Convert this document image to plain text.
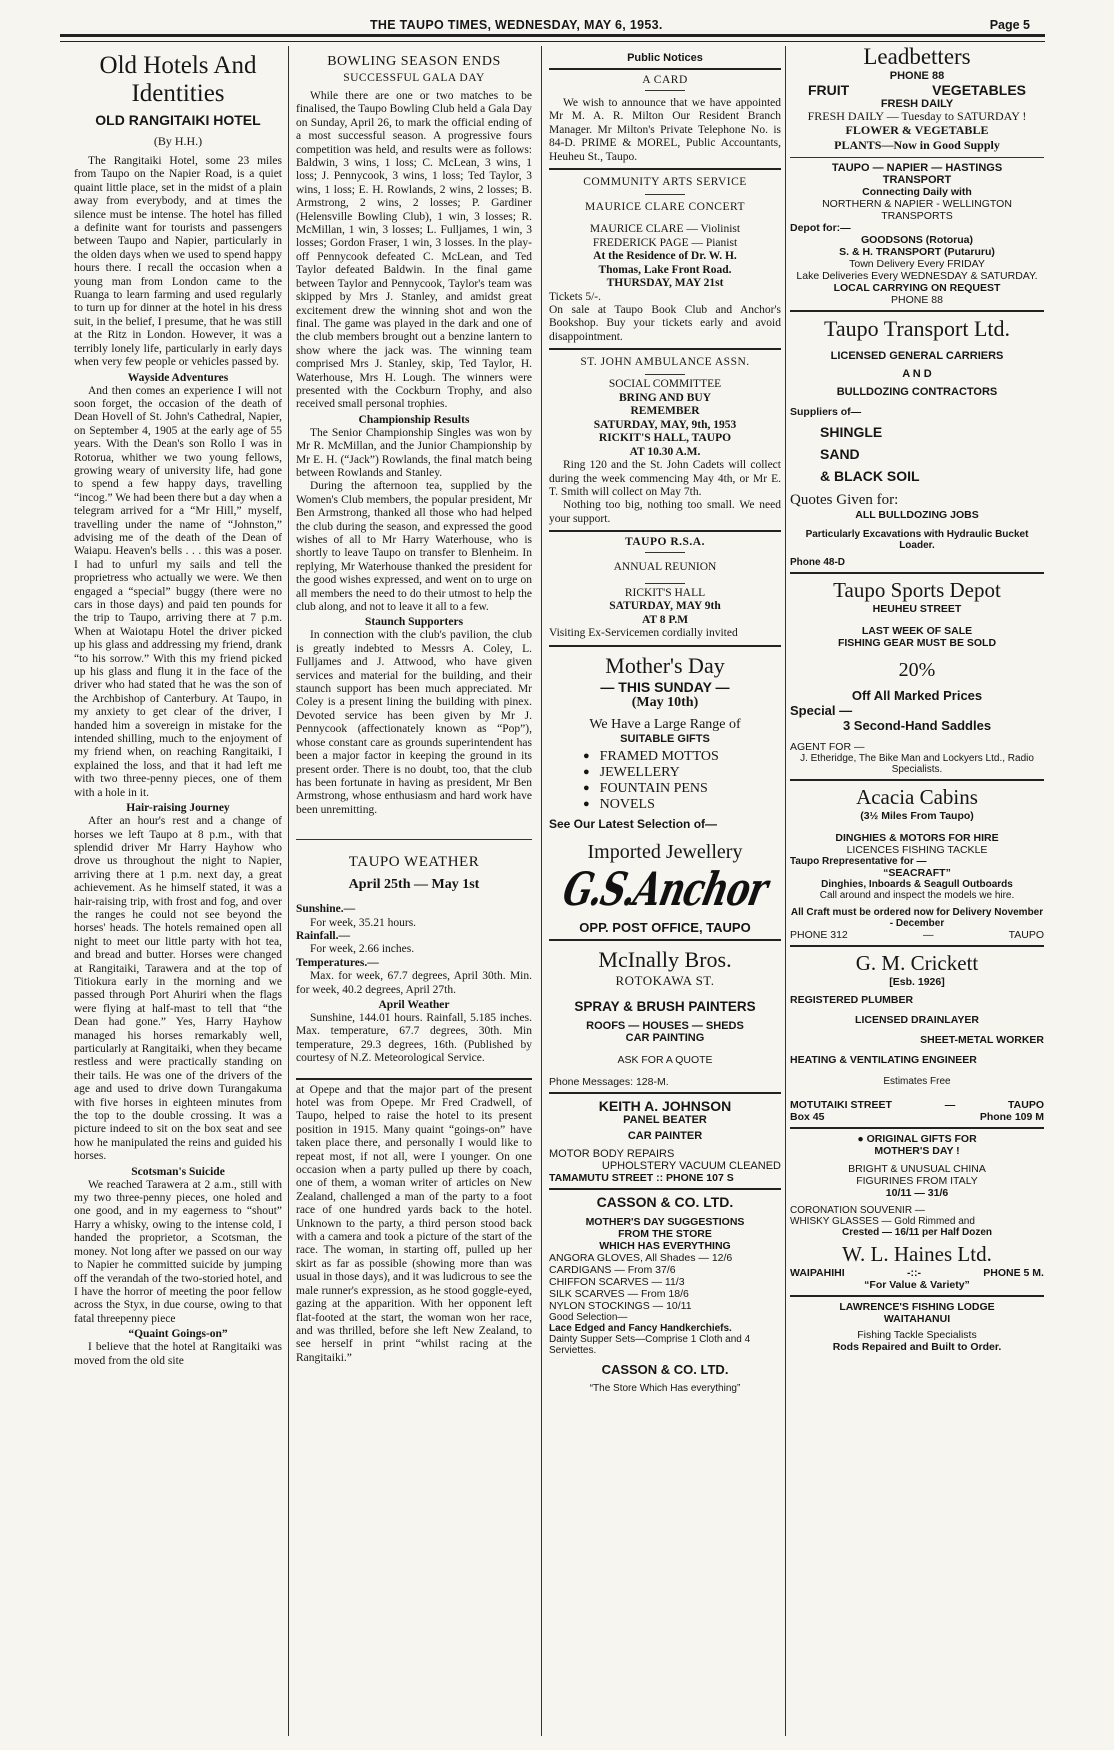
THE TAUPO TIMES, WEDNESDAY, MAY 6, 1953.	Page 5
Old Hotels And
Identities
OLD RANGITAIKI HOTEL
(By H.H.)

The Rangitaiki Hotel, some 23 miles from Taupo on the Napier Road, is a quiet quaint little place, set in the midst of a plain away from everybody, and at times the silence must be intense. The hotel has filled a definite want for tourists and passengers between Taupo and Napier, particularly in the olden days when we used to spend happy hours there. I recall the occasion when a young man from London came to the Ruanga to learn farming and used regularly to turn up for dinner at the hotel in his dress suit, in the belief, I presume, that he was still at the Ritz in London. However, it was a terribly lonely life, particularly in early days when very few people or vehicles passed by.

Wayside Adventures

And then comes an experience I will not soon forget, the occasion of the death of Dean Hovell of St. John's Cathedral, Napier, on September 4, 1905 at the early age of 55 years. With the Dean's son Rollo I was in Rotorua, whither we two young fellows, growing weary of university life, had gone to spend a few happy days, travelling “incog.” We had been there but a day when a telegram arrived for a “Mr Hill,” myself, travelling under the name of “Johnston,” advising me of the death of the Dean of Waiapu. Heaven's bells . . . this was a poser. I had to unfurl my sails and tell the proprietress who actually we were. We then engaged a “special” buggy (there were no cars in those days) and paid ten pounds for the trip to Taupo, arriving there at 7 p.m. When at Waiotapu Hotel the driver picked up his glass and addressing my friend, drank “to his sorrow.” With this my friend picked up his glass and flung it in the face of the driver who had stated that he was the son of the Archbishop of Canterbury. At Taupo, in my anxiety to get clear of the driver, I handed him a sovereign in mistake for the intended shilling, much to the enjoyment of my friend when, on reaching Rangitaiki, I explained the loss, and that it had left me with two three-penny pieces, one of them with a hole in it.

Hair-raising Journey

After an hour's rest and a change of horses we left Taupo at 8 p.m., with that splendid driver Mr Harry Hayhow who drove us throughout the night to Napier, arriving there at 1 p.m. next day, a great achievement. As he himself stated, it was a hair-raising trip, with frost and fog, and over the ranges he could not see beyond the horses' heads. The hotels remained open all night to meet our little party with hot tea, and bread and butter. Horses were changed at Rangitaiki, Tarawera and at the top of Titiokura early in the morning and we passed through Port Ahuriri when the flags were flying at half-mast to tell that “the Dean had gone.” Yes, Harry Hayhow managed his horses remarkably well, particularly at Rangitaiki, when they became restless and were practically standing on their tails. He was one of the drivers of the age and used to drive down Turangakuma with five horses in eighteen minutes from the top to the double crossing. It was a picture indeed to sit on the box seat and see how he manipulated the reins and guided his horses.

Scotsman's Suicide

We reached Tarawera at 2 a.m., still with my two three-penny pieces, one holed and one good, and in my eagerness to “shout” Harry a whisky, owing to the intense cold, I handed the proprietor, a Scotsman, the money. Not long after we passed on our way to Napier he committed suicide by jumping off the verandah of the two-storied hotel, and I have the horror of meeting the poor fellow across the Styx, in due course, owing to that fatal threepenny piece

“Quaint Goings-on”

I believe that the hotel at Rangitaiki was moved from the old site

BOWLING SEASON ENDS
SUCCESSFUL GALA DAY

While there are one or two matches to be finalised, the Taupo Bowling Club held a Gala Day on Sunday, April 26, to mark the official ending of a most successful season. A progressive fours competition was held, and results were as follows: Baldwin, 3 wins, 1 loss; C. McLean, 3 wins, 1 loss; J. Pennycook, 3 wins, 1 loss; Ted Taylor, 3 wins, 1 loss; E. H. Rowlands, 2 wins, 2 losses; B. Armstrong, 2 wins, 2 losses; P. Gardiner (Helensville Bowling Club), 1 win, 3 losses; R. McMillan, 1 win, 3 losses; L. Fulljames, 1 win, 3 losses; Gordon Fraser, 1 win, 3 losses. In the play-off Pennycook defeated C. McLean, and Ted Taylor defeated Baldwin. In the final game between Taylor and Pennycook, Taylor's team was skipped by Mrs J. Stanley, and amidst great excitement drew the winning shot and won the final. The game was played in the dark and one of the club members brought out a benzine lantern to show where the jack was. The winning team comprised Mrs J. Stanley, skip, Ted Taylor, H. Waterhouse, Mrs H. Lough. The winners were presented with the Cockburn Trophy, and also received small personal trophies.

Championship Results

The Senior Championship Singles was won by Mr R. McMillan, and the Junior Championship by Mr E. H. (“Jack”) Rowlands, the final match being between Rowlands and Stanley.

During the afternoon tea, supplied by the Women's Club members, the popular president, Mr Ben Armstrong, thanked all those who had helped the club during the season, and expressed the good wishes of all to Mr Harry Waterhouse, who is shortly to leave Taupo on transfer to Blenheim. In replying, Mr Waterhouse thanked the president for the good wishes expressed, and went on to urge on all members the need to do their utmost to help the club along, and not to leave it all to a few.

Staunch Supporters

In connection with the club's pavilion, the club is greatly indebted to Messrs A. Coley, L. Fulljames and J. Attwood, who have given services and material for the building, and their staunch support has been much appreciated. Mr Coley is a present lining the building with pinex. Devoted service has been given by Mr J. Pennycook (affectionately known as “Pop”), whose constant care as grounds superintendent has been a major factor in keeping the ground in its present order. There is no doubt, too, that the club has been fortunate in having as president, Mr Ben Armstrong, whose enthusiasm and hard work have been unremitting.

TAUPO WEATHER
April 25th — May 1st

Sunshine.—

For week, 35.21 hours.

Rainfall.—

For week, 2.66 inches.

Temperatures.—

Max. for week, 67.7 degrees, April 30th. Min. for week, 40.2 degrees, April 27th.

April Weather

Sunshine, 144.01 hours. Rainfall, 5.185 inches. Max. temperature, 67.7 degrees, 30th. Min temperature, 29.3 degrees, 16th. (Published by courtesy of N.Z. Meteorological Service.

at Opepe and that the major part of the present hotel was from Opepe. Mr Fred Cradwell, of Taupo, helped to raise the hotel to its present position in 1915. Many quaint “goings-on” have taken place there, and personally I would like to repeat most, if not all, were I younger. On one occasion when a party pulled up there by coach, one of them, a woman writer of articles on New Zealand, challenged a man of the party to a foot race of one hundred yards back to the hotel. Unknown to the party, a third person stood back with a camera and took a picture of the start of the race. The woman, in starting off, pulled up her skirt as far as possible (showing more than was usual in those days), and it was ludicrous to see the male runner's expression, as he stood goggle-eyed, gazing at the apparition. With her opponent left flat-footed at the start, the woman won her race, and was thrilled, before she left New Zealand, to see herself in print “whilst racing at the Rangitaiki.”

Public Notices
A CARD

We wish to announce that we have appointed Mr M. A. R. Milton Our Resident Branch Manager. Mr Milton's Private Telephone No. is 84-D. PRIME & MOREL, Public Accountants, Heuheu St., Taupo.

COMMUNITY ARTS SERVICE
MAURICE CLARE CONCERT

MAURICE CLARE — Violinist

FREDERICK PAGE — Pianist

At the Residence of Dr. W. H.

Thomas, Lake Front Road.

THURSDAY, MAY 21st

Tickets 5/-.

On sale at Taupo Book Club and Anchor's Bookshop. Buy your tickets early and avoid disappointment.

ST. JOHN AMBULANCE ASSN.

SOCIAL COMMITTEE

BRING AND BUY

REMEMBER

SATURDAY, MAY, 9th, 1953

RICKIT'S HALL, TAUPO

AT 10.30 A.M.

Ring 120 and the St. John Cadets will collect during the week commencing May 4th, or Mr E. T. Smith will collect on May 7th.

Nothing too big, nothing too small. We need your support.

TAUPO R.S.A.

ANNUAL REUNION

RICKIT'S HALL

SATURDAY, MAY 9th

AT 8 P.M

Visiting Ex-Servicemen cordially invited

Mother's Day
— THIS SUNDAY —
(May 10th)
We Have a Large Range of
SUITABLE GIFTS
● FRAMED MOTTOS
● JEWELLERY
● FOUNTAIN PENS
● NOVELS
See Our Latest Selection of—
Imported Jewellery
G.S.Anchor
OPP. POST OFFICE, TAUPO
McInally Bros.
ROTOKAWA ST.
SPRAY & BRUSH PAINTERS
ROOFS — HOUSES — SHEDS
CAR PAINTING
ASK FOR A QUOTE
Phone Messages: 128-M.
KEITH A. JOHNSON
PANEL BEATER
CAR PAINTER
MOTOR BODY REPAIRS
UPHOLSTERY VACUUM CLEANED
TAMAMUTU STREET :: PHONE 107 S
CASSON & CO. LTD.
MOTHER'S DAY SUGGESTIONS
FROM THE STORE
WHICH HAS EVERYTHING
ANGORA GLOVES, All Shades — 12/6
CARDIGANS — From 37/6
CHIFFON SCARVES — 11/3
SILK SCARVES — From 18/6
NYLON STOCKINGS — 10/11
Good Selection—
Lace Edged and Fancy Handkerchiefs.
Dainty Supper Sets—Comprise 1 Cloth and 4 Serviettes.
CASSON & CO. LTD.
“The Store Which Has everything”
Leadbetters
PHONE 88
FRUIT	VEGETABLES
FRESH DAILY
FRESH DAILY — Tuesday to SATURDAY !
FLOWER & VEGETABLE
PLANTS—Now in Good Supply
TAUPO — NAPIER — HASTINGS
TRANSPORT
Connecting Daily with
NORTHERN & NAPIER - WELLINGTON TRANSPORTS
Depot for:—
GOODSONS (Rotorua)
S. & H. TRANSPORT (Putaruru)
Town Delivery Every FRIDAY
Lake Deliveries Every WEDNESDAY & SATURDAY.
LOCAL CARRYING ON REQUEST
PHONE 88
Taupo Transport Ltd.
LICENSED GENERAL CARRIERS
A N D
BULLDOZING CONTRACTORS
Suppliers of—
SHINGLE
SAND
& BLACK SOIL
Quotes Given for:
ALL BULLDOZING JOBS
Particularly Excavations with Hydraulic Bucket Loader.
Phone 48-D
Taupo Sports Depot
HEUHEU STREET
LAST WEEK OF SALE
FISHING GEAR MUST BE SOLD
20%
Off All Marked Prices
Special —
3 Second-Hand Saddles
AGENT FOR —
J. Etheridge, The Bike Man and Lockyers Ltd., Radio Specialists.
Acacia Cabins
(3½ Miles From Taupo)
DINGHIES & MOTORS FOR HIRE
LICENCES FISHING TACKLE
Taupo Rrepresentative for —
“SEACRAFT”
Dinghies, Inboards & Seagull Outboards
Call around and inspect the models we hire.
All Craft must be ordered now for Delivery November - December
PHONE 312	—	TAUPO
G. M. Crickett
[Esb. 1926]
REGISTERED PLUMBER
LICENSED DRAINLAYER
SHEET-METAL WORKER
HEATING & VENTILATING ENGINEER
Estimates Free
MOTUTAIKI STREET	—	TAUPO
Box 45	Phone 109 M
● ORIGINAL GIFTS FOR
MOTHER'S DAY !
BRIGHT & UNUSUAL CHINA
FIGURINES FROM ITALY
10/11 — 31/6
CORONATION SOUVENIR —
WHISKY GLASSES — Gold Rimmed and
Crested — 16/11 per Half Dozen
W. L. Haines Ltd.
WAIPAHIHI	-::-	PHONE 5 M.
“For Value & Variety”
LAWRENCE'S FISHING LODGE
WAITAHANUI
Fishing Tackle Specialists
Rods Repaired and Built to Order.
